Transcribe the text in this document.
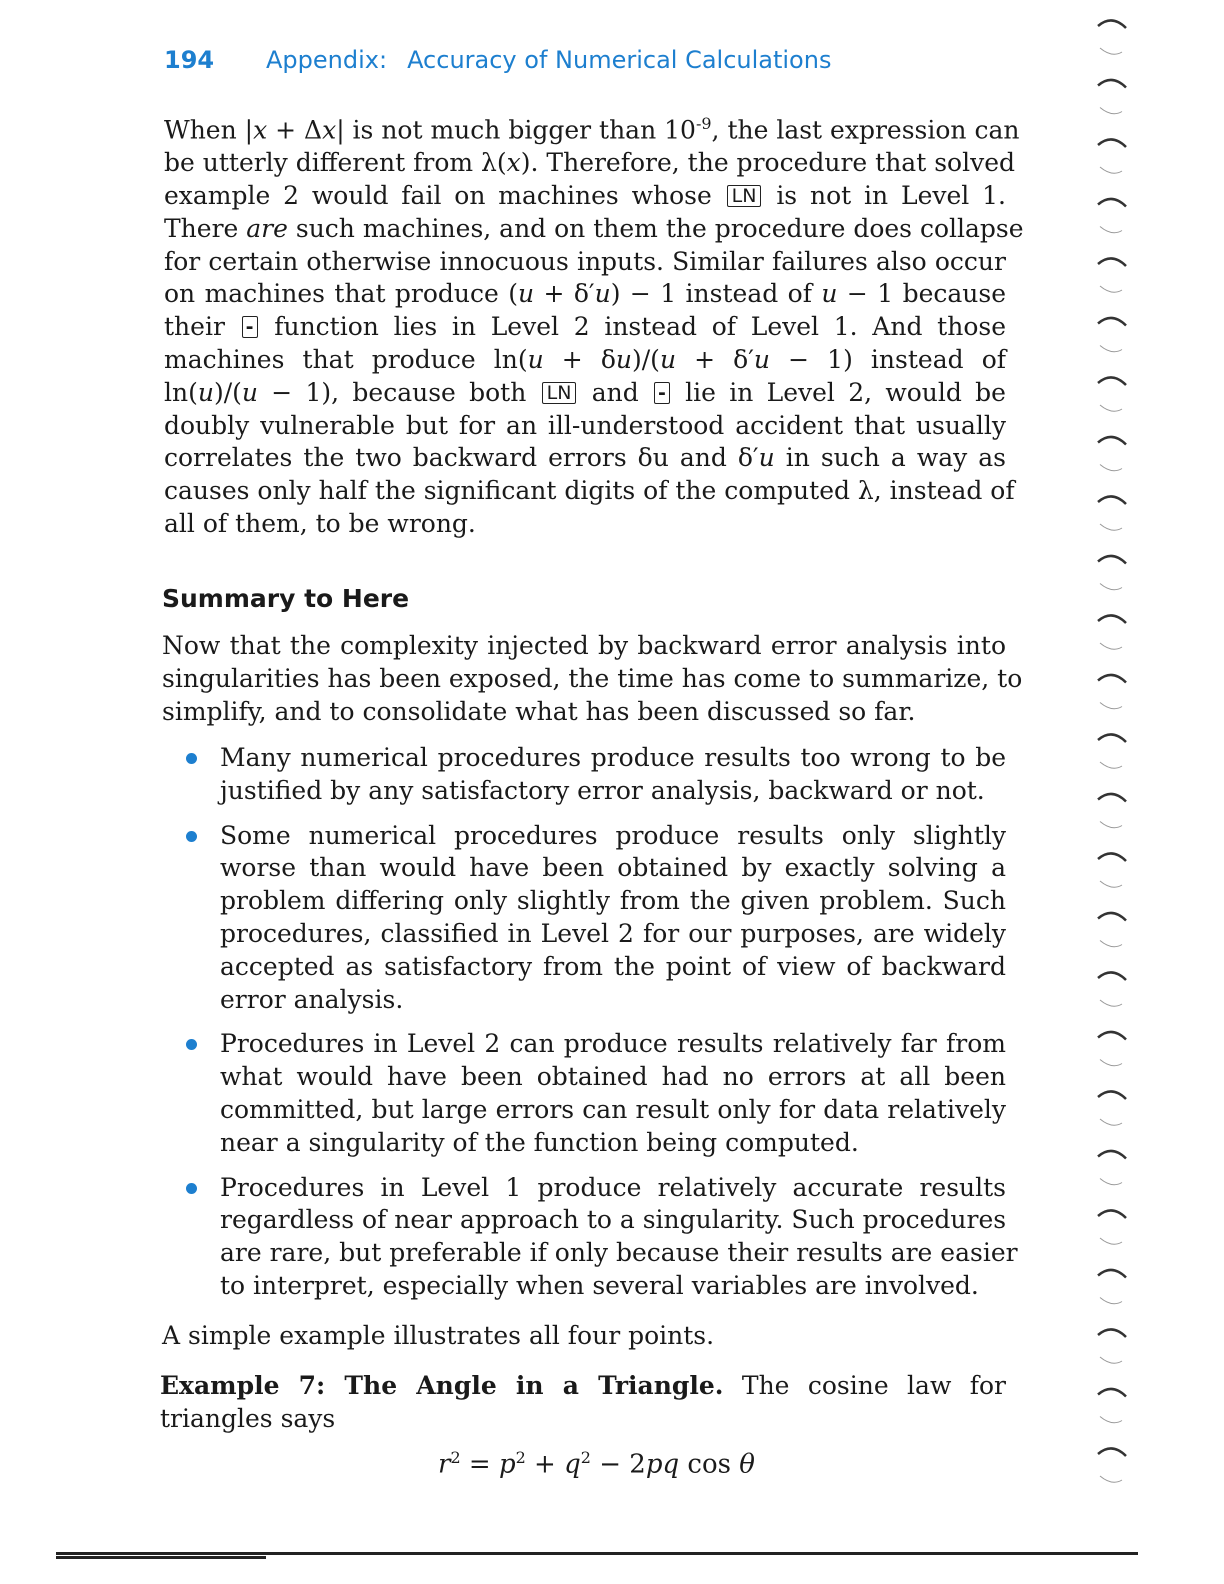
194 Appendix: Accuracy of Numerical Calculations
When |x + Δx| is not much bigger than $10^{-9}$, the last expression can
be utterly different from λ(x). Therefore, the procedure that solved
example 2 would fail on machines whose LN is not in Level 1.
There are such machines, and on them the procedure does collapse
for certain otherwise innocuous inputs. Similar failures also occur
on machines that produce (u + δ′u) − 1 instead of u − 1 because
their - function lies in Level 2 instead of Level 1. And those
machines that produce ln(u + δu)/(u + δ′u − 1) instead of
ln(u)/(u − 1), because both LN and - lie in Level 2, would be
doubly vulnerable but for an ill-understood accident that usually
correlates the two backward errors δu and δ′u in such a way as
causes only half the significant digits of the computed λ, instead of
all of them, to be wrong.
Summary to Here
Now that the complexity injected by backward error analysis into
singularities has been exposed, the time has come to summarize, to
simplify, and to consolidate what has been discussed so far.
Many numerical procedures produce results too wrong to be
justified by any satisfactory error analysis, backward or not.
Some numerical procedures produce results only slightly
worse than would have been obtained by exactly solving a
problem differing only slightly from the given problem. Such
procedures, classified in Level 2 for our purposes, are widely
accepted as satisfactory from the point of view of backward
error analysis.
Procedures in Level 2 can produce results relatively far from
what would have been obtained had no errors at all been
committed, but large errors can result only for data relatively
near a singularity of the function being computed.
Procedures in Level 1 produce relatively accurate results
regardless of near approach to a singularity. Such procedures
are rare, but preferable if only because their results are easier
to interpret, especially when several variables are involved.
A simple example illustrates all four points.
Example 7: The Angle in a Triangle. The cosine law for
triangles says
$r^2 = p^2 + q^2 - 2pq$ cos θ
